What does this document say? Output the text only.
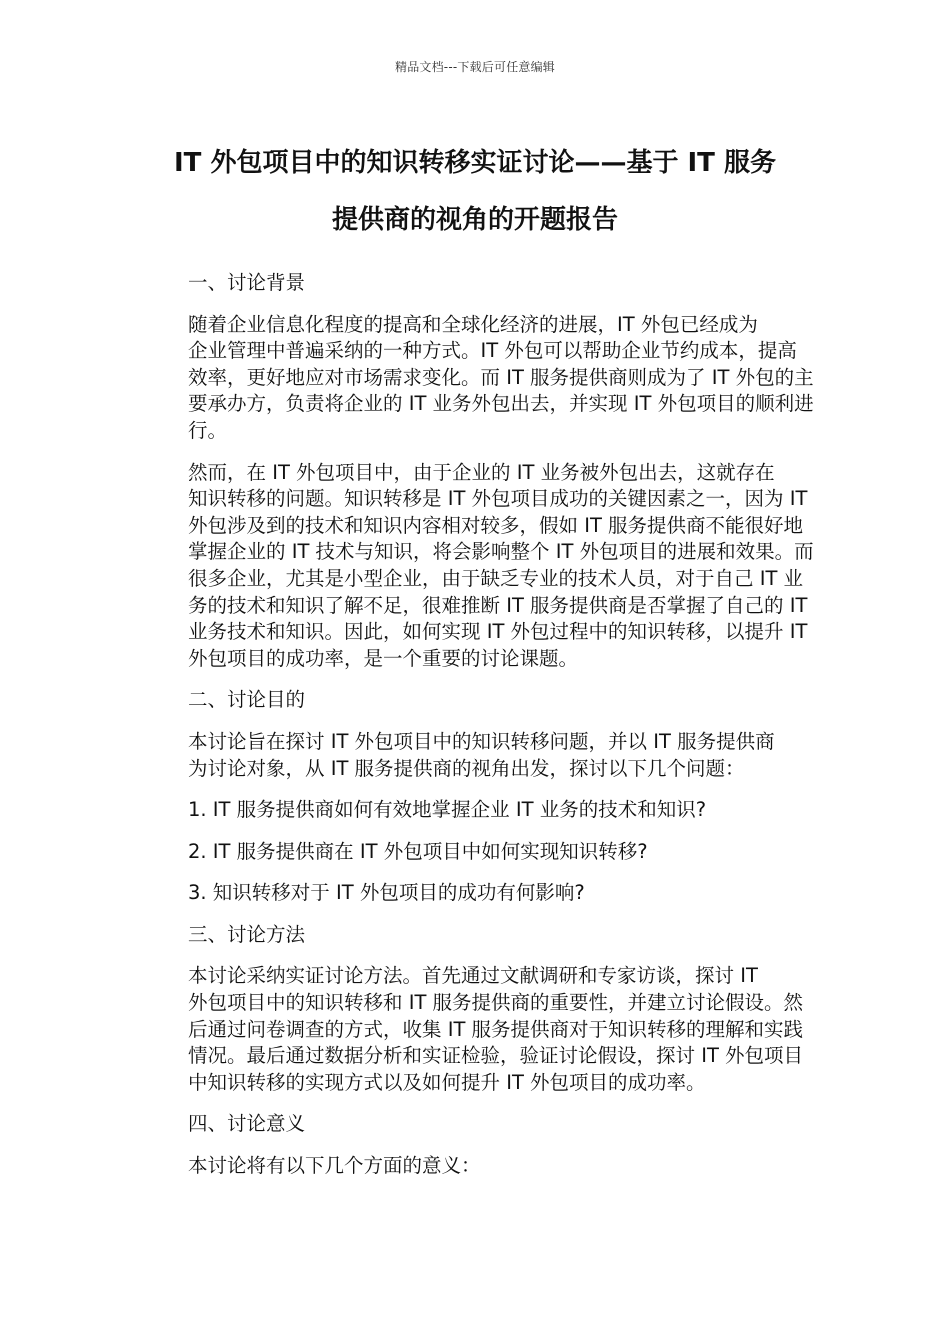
精品文档---下载后可任意编辑
IT 外包项目中的知识转移实证讨论——基于 IT 服务
提供商的视角的开题报告
一、讨论背景
随着企业信息化程度的提高和全球化经济的进展，IT 外包已经成为
企业管理中普遍采纳的一种方式。IT 外包可以帮助企业节约成本，提高
效率，更好地应对市场需求变化。而 IT 服务提供商则成为了 IT 外包的主
要承办方，负责将企业的 IT 业务外包出去，并实现 IT 外包项目的顺利进
行。
然而，在 IT 外包项目中，由于企业的 IT 业务被外包出去，这就存在
知识转移的问题。知识转移是 IT 外包项目成功的关键因素之一，因为 IT
外包涉及到的技术和知识内容相对较多，假如 IT 服务提供商不能很好地
掌握企业的 IT 技术与知识，将会影响整个 IT 外包项目的进展和效果。而
很多企业，尤其是小型企业，由于缺乏专业的技术人员，对于自己 IT 业
务的技术和知识了解不足，很难推断 IT 服务提供商是否掌握了自己的 IT
业务技术和知识。因此，如何实现 IT 外包过程中的知识转移，以提升 IT
外包项目的成功率，是一个重要的讨论课题。
二、讨论目的
本讨论旨在探讨 IT 外包项目中的知识转移问题，并以 IT 服务提供商
为讨论对象，从 IT 服务提供商的视角出发，探讨以下几个问题：
1. IT 服务提供商如何有效地掌握企业 IT 业务的技术和知识?
2. IT 服务提供商在 IT 外包项目中如何实现知识转移?
3. 知识转移对于 IT 外包项目的成功有何影响?
三、讨论方法
本讨论采纳实证讨论方法。首先通过文献调研和专家访谈，探讨 IT
外包项目中的知识转移和 IT 服务提供商的重要性，并建立讨论假设。然
后通过问卷调查的方式，收集 IT 服务提供商对于知识转移的理解和实践
情况。最后通过数据分析和实证检验，验证讨论假设，探讨 IT 外包项目
中知识转移的实现方式以及如何提升 IT 外包项目的成功率。
四、讨论意义
本讨论将有以下几个方面的意义：
